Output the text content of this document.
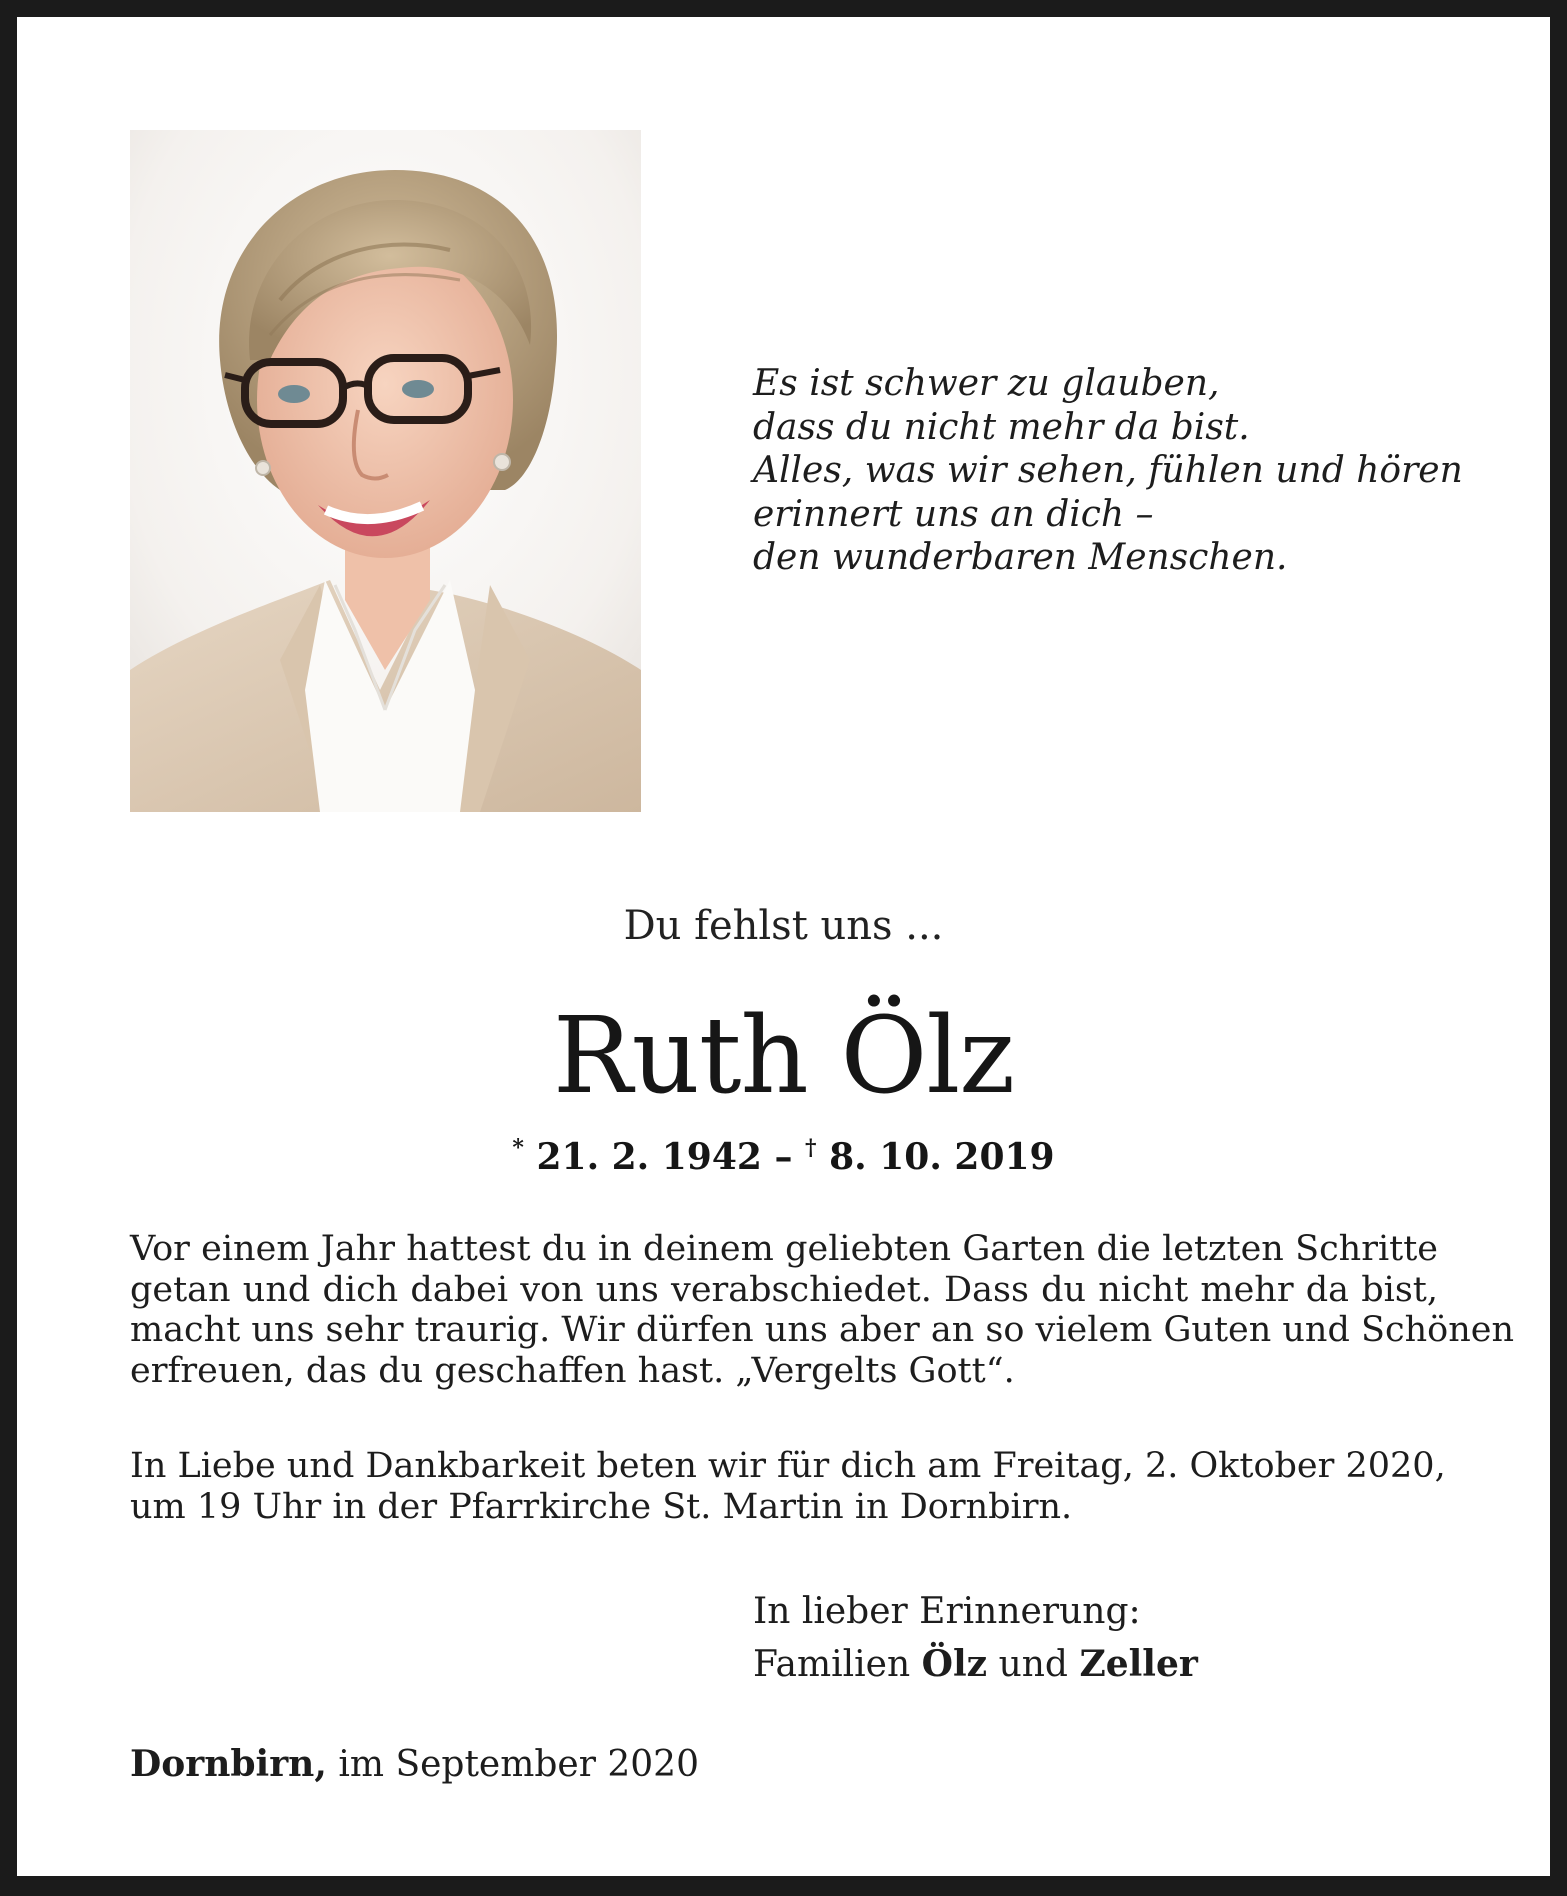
Es ist schwer zu glauben,
dass du nicht mehr da bist.
Alles, was wir sehen, fühlen und hören
erinnert uns an dich –
den wunderbaren Menschen.
Du fehlst uns ...
Ruth Ölz
* 21. 2. 1942 – † 8. 10. 2019
Vor einem Jahr hattest du in deinem geliebten Garten die letzten Schritte
getan und dich dabei von uns verabschiedet. Dass du nicht mehr da bist,
macht uns sehr traurig. Wir dürfen uns aber an so vielem Guten und Schönen
erfreuen, das du geschaffen hast. „Vergelts Gott“.
In Liebe und Dankbarkeit beten wir für dich am Freitag, 2. Oktober 2020,
um 19 Uhr in der Pfarrkirche St. Martin in Dornbirn.
In lieber Erinnerung:
Familien Ölz und Zeller
Dornbirn, im September 2020
